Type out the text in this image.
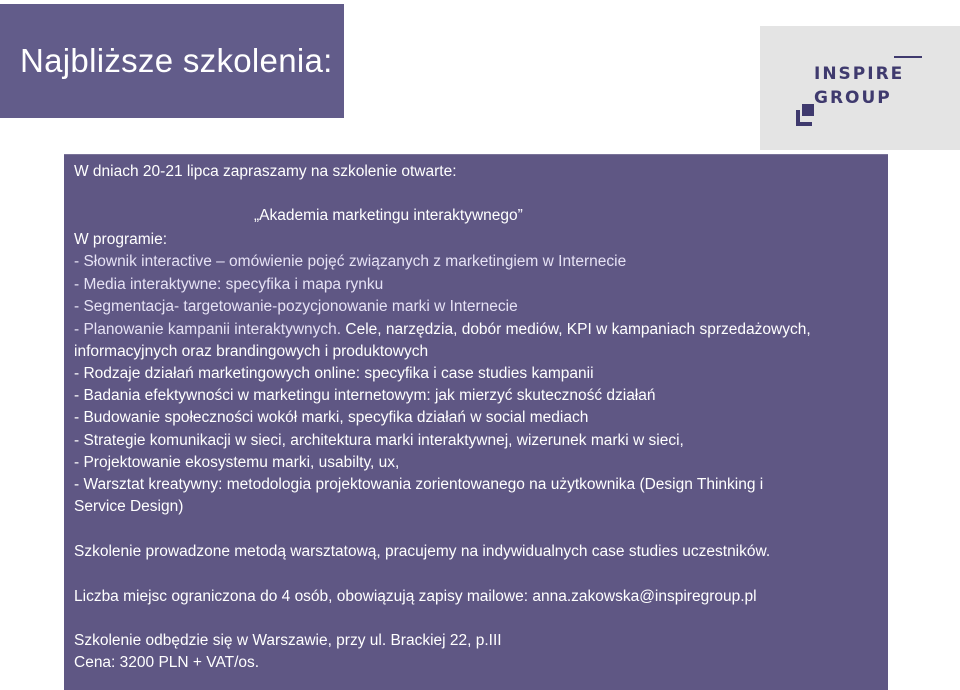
Najbliższe szkolenia:	INSPIRE
GROUP
W dniach 20-21 lipca zapraszamy na szkolenie otwarte:
„Akademia marketingu interaktywnego”
W programie:
- Słownik interactive – omówienie pojęć związanych z marketingiem w Internecie
- Media interaktywne: specyfika i mapa rynku
- Segmentacja- targetowanie-pozycjonowanie marki w Internecie
- Planowanie kampanii interaktywnych. Cele, narzędzia, dobór mediów, KPI w kampaniach sprzedażowych,
informacyjnych oraz brandingowych i produktowych
- Rodzaje działań marketingowych online: specyfika i case studies kampanii
- Badania efektywności w marketingu internetowym: jak mierzyć skuteczność działań
- Budowanie społeczności wokół marki, specyfika działań w social mediach
- Strategie komunikacji w sieci, architektura marki interaktywnej, wizerunek marki w sieci,
- Projektowanie ekosystemu marki, usabilty, ux,
- Warsztat kreatywny: metodologia projektowania zorientowanego na użytkownika (Design Thinking i
Service Design)
Szkolenie prowadzone metodą warsztatową, pracujemy na indywidualnych case studies uczestników.
Liczba miejsc ograniczona do 4 osób, obowiązują zapisy mailowe: anna.zakowska@inspiregroup.pl
Szkolenie odbędzie się w Warszawie, przy ul. Brackiej 22, p.III
Cena: 3200 PLN + VAT/os.
